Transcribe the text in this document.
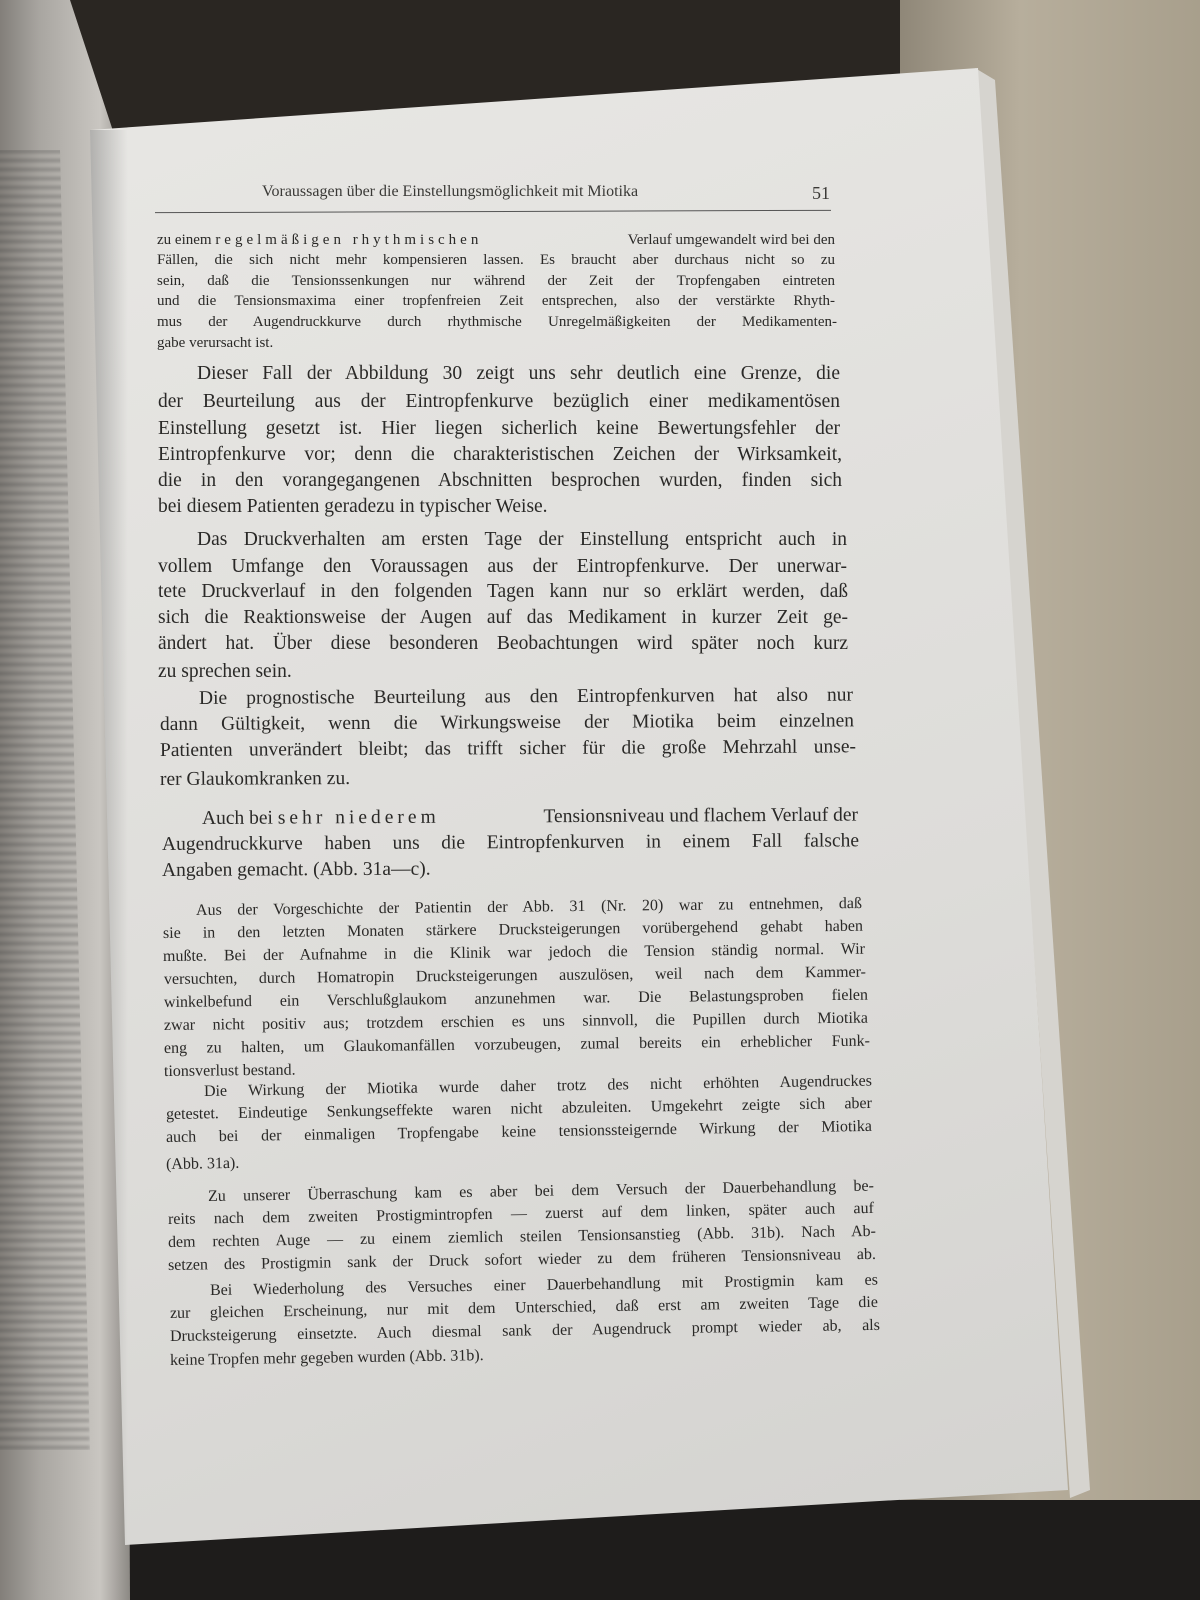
Voraussagen über die Einstellungsmöglichkeit mit Miotika	51
zu einem regelmäßigen rhythmischen	Verlauf umgewandelt wird bei den
Fällen, die sich nicht mehr kompensieren lassen. Es braucht aber durchaus nicht so zu
sein, daß die Tensionssenkungen nur während der Zeit der Tropfengaben eintreten
und die Tensionsmaxima einer tropfenfreien Zeit entsprechen, also der verstärkte Rhyth-
mus der Augendruckkurve durch rhythmische Unregelmäßigkeiten der Medikamenten-
gabe verursacht ist.
Dieser Fall der Abbildung 30 zeigt uns sehr deutlich eine Grenze, die
der Beurteilung aus der Eintropfenkurve bezüglich einer medikamentösen
Einstellung gesetzt ist. Hier liegen sicherlich keine Bewertungsfehler der
Eintropfenkurve vor; denn die charakteristischen Zeichen der Wirksamkeit,
die in den vorangegangenen Abschnitten besprochen wurden, finden sich
bei diesem Patienten geradezu in typischer Weise.
Das Druckverhalten am ersten Tage der Einstellung entspricht auch in
vollem Umfange den Voraussagen aus der Eintropfenkurve. Der unerwar-
tete Druckverlauf in den folgenden Tagen kann nur so erklärt werden, daß
sich die Reaktionsweise der Augen auf das Medikament in kurzer Zeit ge-
ändert hat. Über diese besonderen Beobachtungen wird später noch kurz
zu sprechen sein.
Die prognostische Beurteilung aus den Eintropfenkurven hat also nur
dann Gültigkeit, wenn die Wirkungsweise der Miotika beim einzelnen
Patienten unverändert bleibt; das trifft sicher für die große Mehrzahl unse-
rer Glaukomkranken zu.
Auch bei sehr niederem	Tensionsniveau und flachem Verlauf der
Augendruckkurve haben uns die Eintropfenkurven in einem Fall falsche
Angaben gemacht. (Abb. 31a—c).
Aus der Vorgeschichte der Patientin der Abb. 31 (Nr. 20) war zu entnehmen, daß
sie in den letzten Monaten stärkere Drucksteigerungen vorübergehend gehabt haben
mußte. Bei der Aufnahme in die Klinik war jedoch die Tension ständig normal. Wir
versuchten, durch Homatropin Drucksteigerungen auszulösen, weil nach dem Kammer-
winkelbefund ein Verschlußglaukom anzunehmen war. Die Belastungsproben fielen
zwar nicht positiv aus; trotzdem erschien es uns sinnvoll, die Pupillen durch Miotika
eng zu halten, um Glaukomanfällen vorzubeugen, zumal bereits ein erheblicher Funk-
tionsverlust bestand.
Die Wirkung der Miotika wurde daher trotz des nicht erhöhten Augendruckes
getestet. Eindeutige Senkungseffekte waren nicht abzuleiten. Umgekehrt zeigte sich aber
auch bei der einmaligen Tropfengabe keine tensionssteigernde Wirkung der Miotika
(Abb. 31a).
Zu unserer Überraschung kam es aber bei dem Versuch der Dauerbehandlung be-
reits nach dem zweiten Prostigmintropfen — zuerst auf dem linken, später auch auf
dem rechten Auge — zu einem ziemlich steilen Tensionsanstieg (Abb. 31b). Nach Ab-
setzen des Prostigmin sank der Druck sofort wieder zu dem früheren Tensionsniveau ab.
Bei Wiederholung des Versuches einer Dauerbehandlung mit Prostigmin kam es
zur gleichen Erscheinung, nur mit dem Unterschied, daß erst am zweiten Tage die
Drucksteigerung einsetzte. Auch diesmal sank der Augendruck prompt wieder ab, als
keine Tropfen mehr gegeben wurden (Abb. 31b).
